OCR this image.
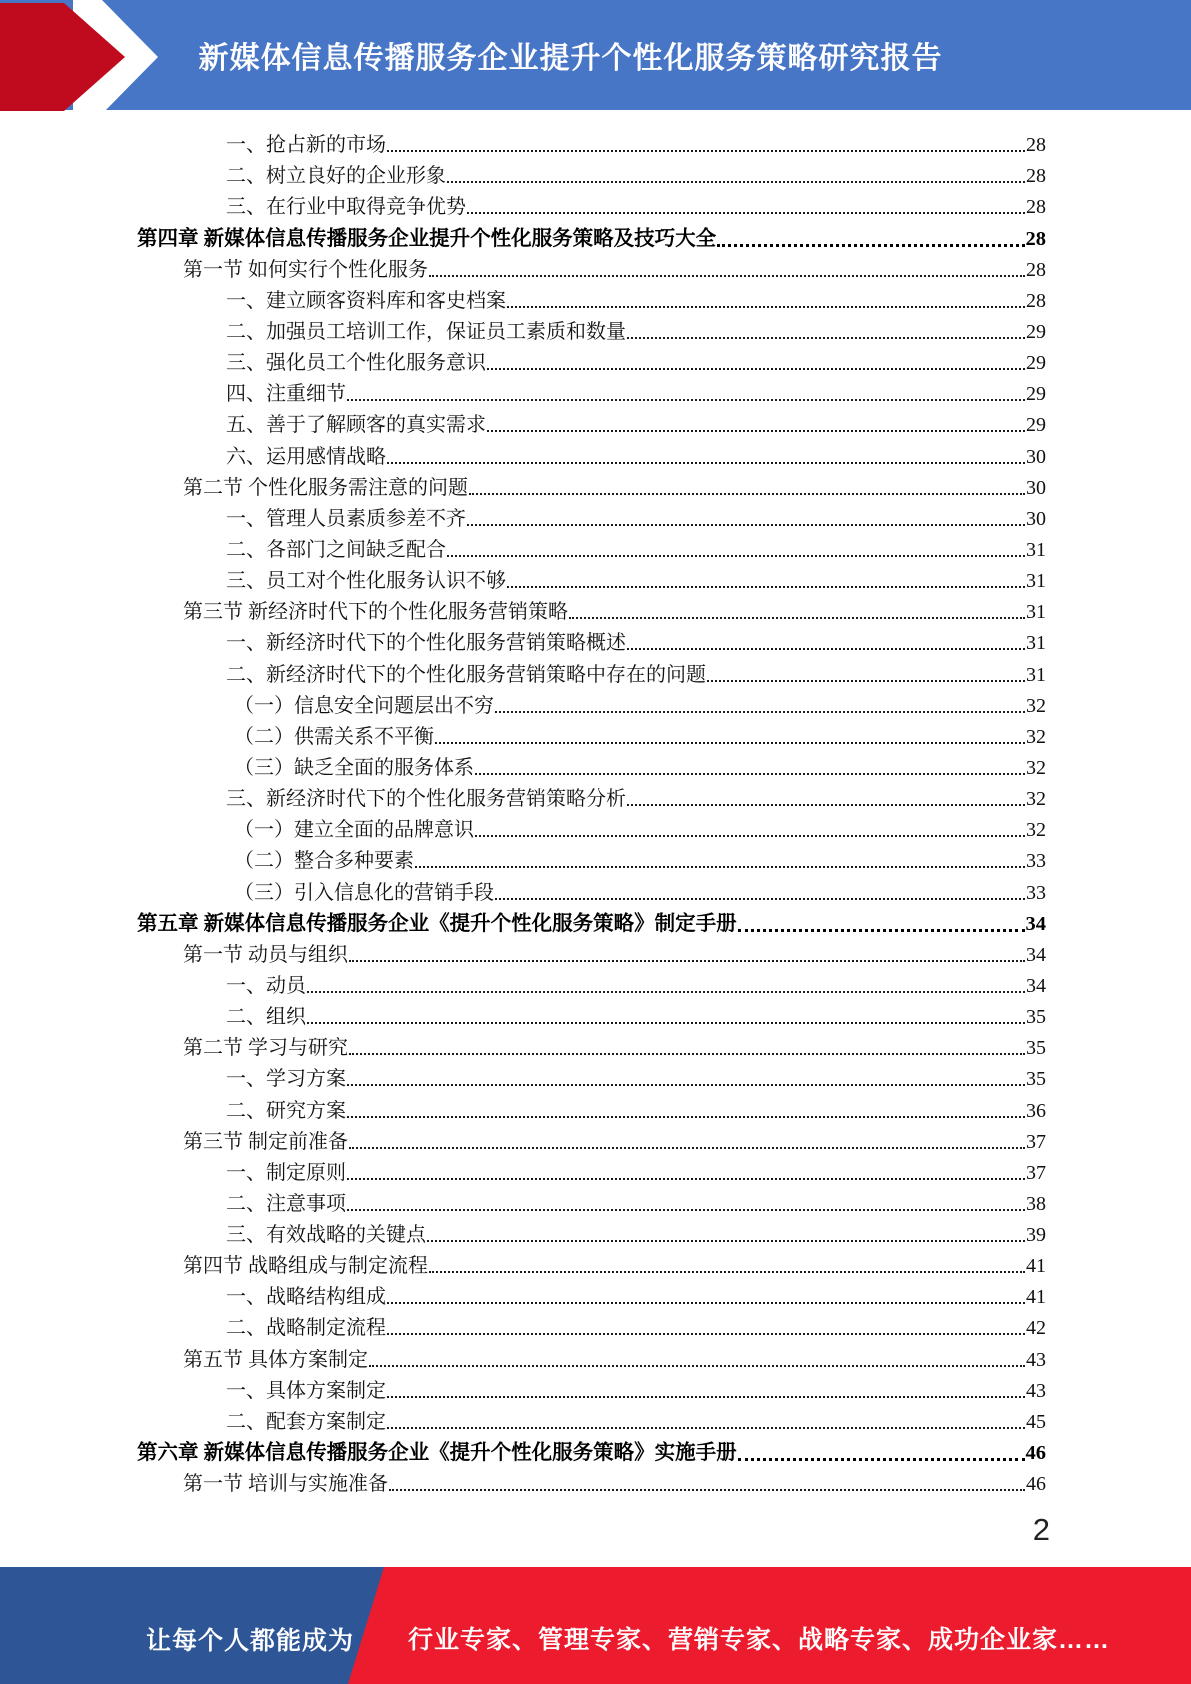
新媒体信息传播服务企业提升个性化服务策略研究报告
一、抢占新的市场	28
二、树立良好的企业形象	28
三、在行业中取得竞争优势	28
第四章 新媒体信息传播服务企业提升个性化服务策略及技巧大全	28
第一节 如何实行个性化服务	28
一、建立顾客资料库和客史档案	28
二、加强员工培训工作，保证员工素质和数量	29
三、强化员工个性化服务意识	29
四、注重细节	29
五、善于了解顾客的真实需求	29
六、运用感情战略	30
第二节 个性化服务需注意的问题	30
一、管理人员素质参差不齐	30
二、各部门之间缺乏配合	31
三、员工对个性化服务认识不够	31
第三节 新经济时代下的个性化服务营销策略	31
一、新经济时代下的个性化服务营销策略概述	31
二、新经济时代下的个性化服务营销策略中存在的问题	31
（一）信息安全问题层出不穷	32
（二）供需关系不平衡	32
（三）缺乏全面的服务体系	32
三、新经济时代下的个性化服务营销策略分析	32
（一）建立全面的品牌意识	32
（二）整合多种要素	33
（三）引入信息化的营销手段	33
第五章 新媒体信息传播服务企业《提升个性化服务策略》制定手册	34
第一节 动员与组织	34
一、动员	34
二、组织	35
第二节 学习与研究	35
一、学习方案	35
二、研究方案	36
第三节 制定前准备	37
一、制定原则	37
二、注意事项	38
三、有效战略的关键点	39
第四节 战略组成与制定流程	41
一、战略结构组成	41
二、战略制定流程	42
第五节 具体方案制定	43
一、具体方案制定	43
二、配套方案制定	45
第六章 新媒体信息传播服务企业《提升个性化服务策略》实施手册	46
第一节 培训与实施准备	46
2
让每个人都能成为 行业专家、管理专家、营销专家、战略专家、成功企业家……
